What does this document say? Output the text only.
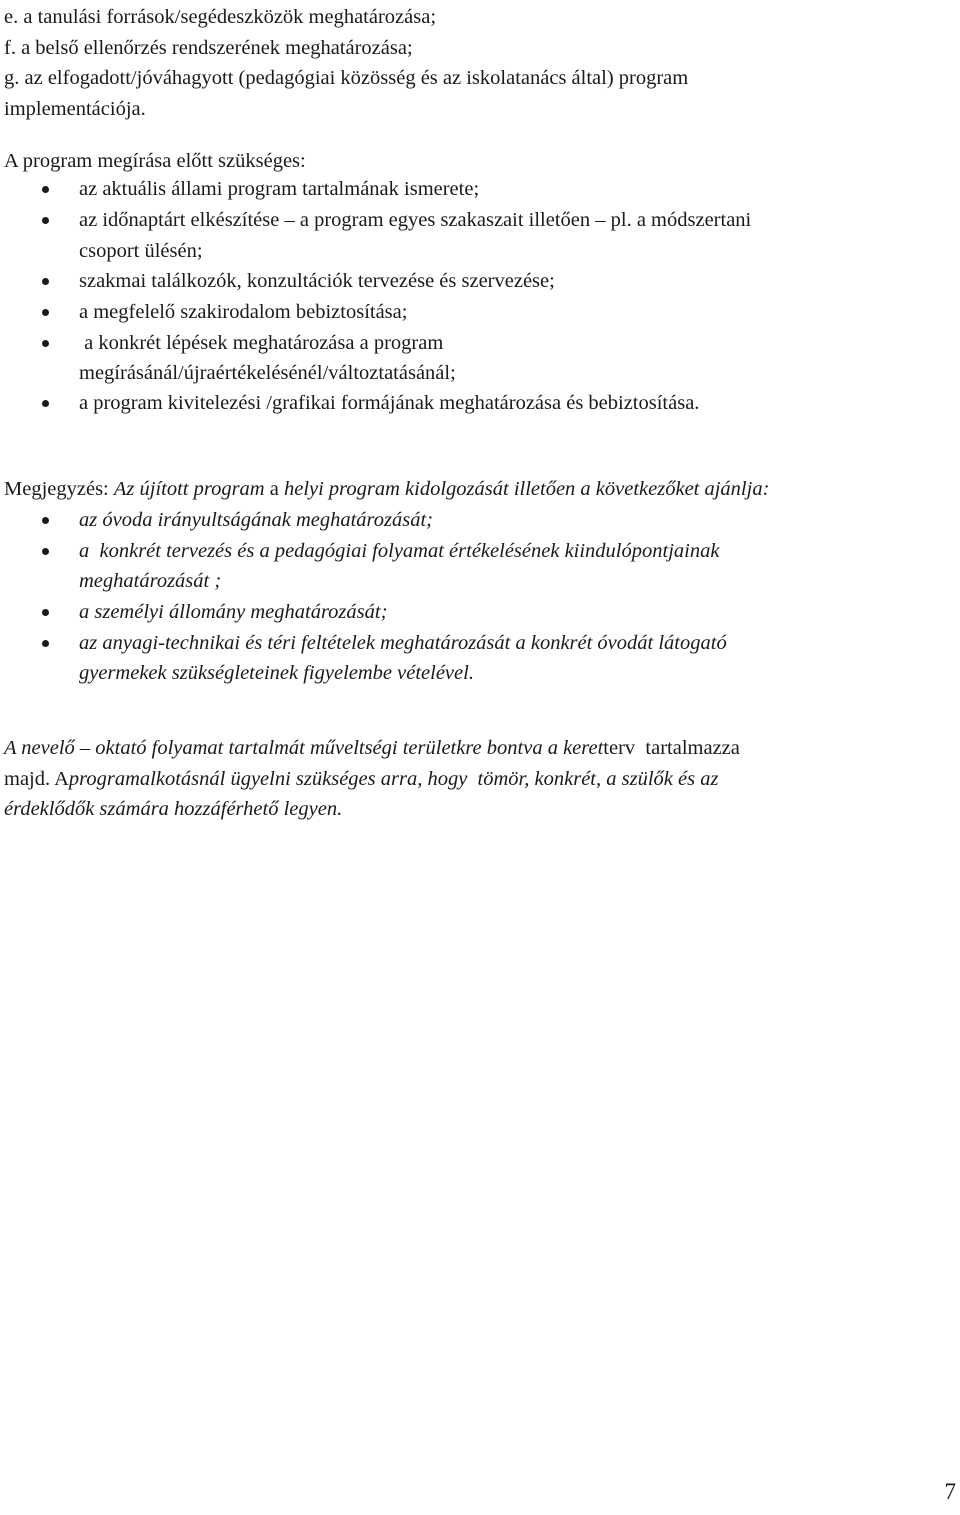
e. a tanulási források/segédeszközök meghatározása;
f. a belső ellenőrzés rendszerének meghatározása;
g. az elfogadott/jóváhagyott (pedagógiai közösség és az iskolatanács által) program
implementációja.
A program megírása előtt szükséges:
az aktuális állami program tartalmának ismerete;
az időnaptárt elkészítése – a program egyes szakaszait illetően – pl. a módszertani
csoport ülésén;
szakmai találkozók, konzultációk tervezése és szervezése;
a megfelelő szakirodalom bebiztosítása;
a konkrét lépések meghatározása a program
megírásánál/újraértékelésénél/változtatásánál;
a program kivitelezési /grafikai formájának meghatározása és bebiztosítása.
Megjegyzés: Az újított program a helyi program kidolgozását illetően a következőket ajánlja:
az óvoda irányultságának meghatározását;
a  konkrét tervezés és a pedagógiai folyamat értékelésének kiindulópontjainak
meghatározását ;
a személyi állomány meghatározását;
az anyagi-technikai és téri feltételek meghatározását a konkrét óvodát látogató
gyermekek szükségleteinek figyelembe vételével.
A nevelő – oktató folyamat tartalmát műveltségi területkre bontva a keretterv  tartalmazza
majd. Aprogramalkotásnál ügyelni szükséges arra, hogy  tömör, konkrét, a szülők és az
érdeklődők számára hozzáférhető legyen.
7
